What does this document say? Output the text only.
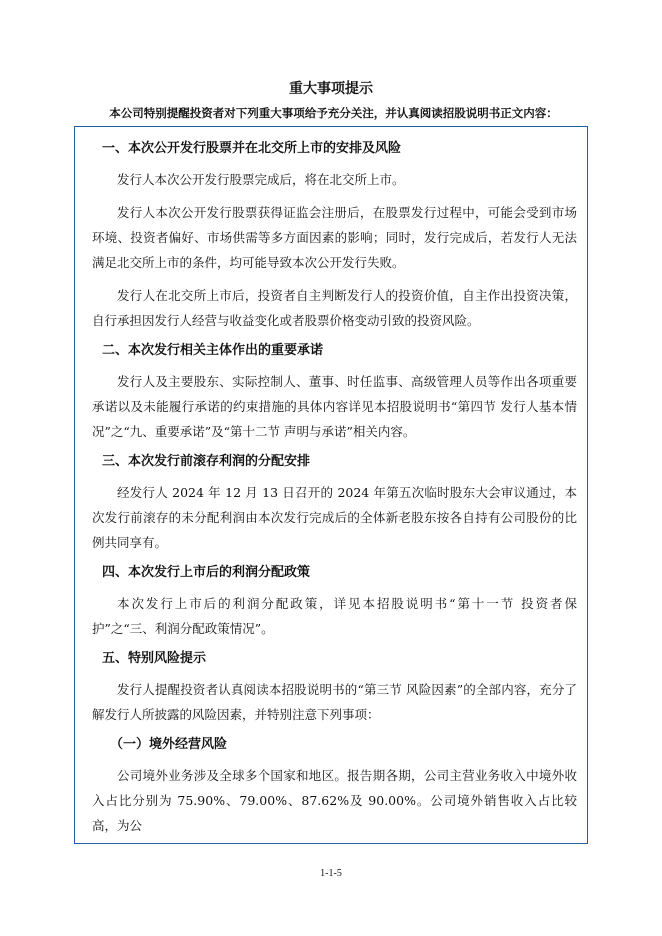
重大事项提示
本公司特别提醒投资者对下列重大事项给予充分关注，并认真阅读招股说明书正文内容：
一、本次公开发行股票并在北交所上市的安排及风险
发行人本次公开发行股票完成后，将在北交所上市。
发行人本次公开发行股票获得证监会注册后，在股票发行过程中，可能会受到市场环境、投资者偏好、市场供需等多方面因素的影响；同时，发行完成后，若发行人无法满足北交所上市的条件，均可能导致本次公开发行失败。
发行人在北交所上市后，投资者自主判断发行人的投资价值，自主作出投资决策，自行承担因发行人经营与收益变化或者股票价格变动引致的投资风险。
二、本次发行相关主体作出的重要承诺
发行人及主要股东、实际控制人、董事、时任监事、高级管理人员等作出各项重要承诺以及未能履行承诺的约束措施的具体内容详见本招股说明书“第四节 发行人基本情况”之“九、重要承诺”及“第十二节 声明与承诺”相关内容。
三、本次发行前滚存利润的分配安排
经发行人 2024 年 12 月 13 日召开的 2024 年第五次临时股东大会审议通过，本次发行前滚存的未分配利润由本次发行完成后的全体新老股东按各自持有公司股份的比例共同享有。
四、本次发行上市后的利润分配政策
本次发行上市后的利润分配政策，详见本招股说明书“第十一节 投资者保护”之“三、利润分配政策情况”。
五、特别风险提示
发行人提醒投资者认真阅读本招股说明书的“第三节 风险因素”的全部内容，充分了解发行人所披露的风险因素，并特别注意下列事项：
（一）境外经营风险
公司境外业务涉及全球多个国家和地区。报告期各期，公司主营业务收入中境外收入占比分别为 75.90%、79.00%、87.62%及 90.00%。公司境外销售收入占比较高，为公
1-1-5
